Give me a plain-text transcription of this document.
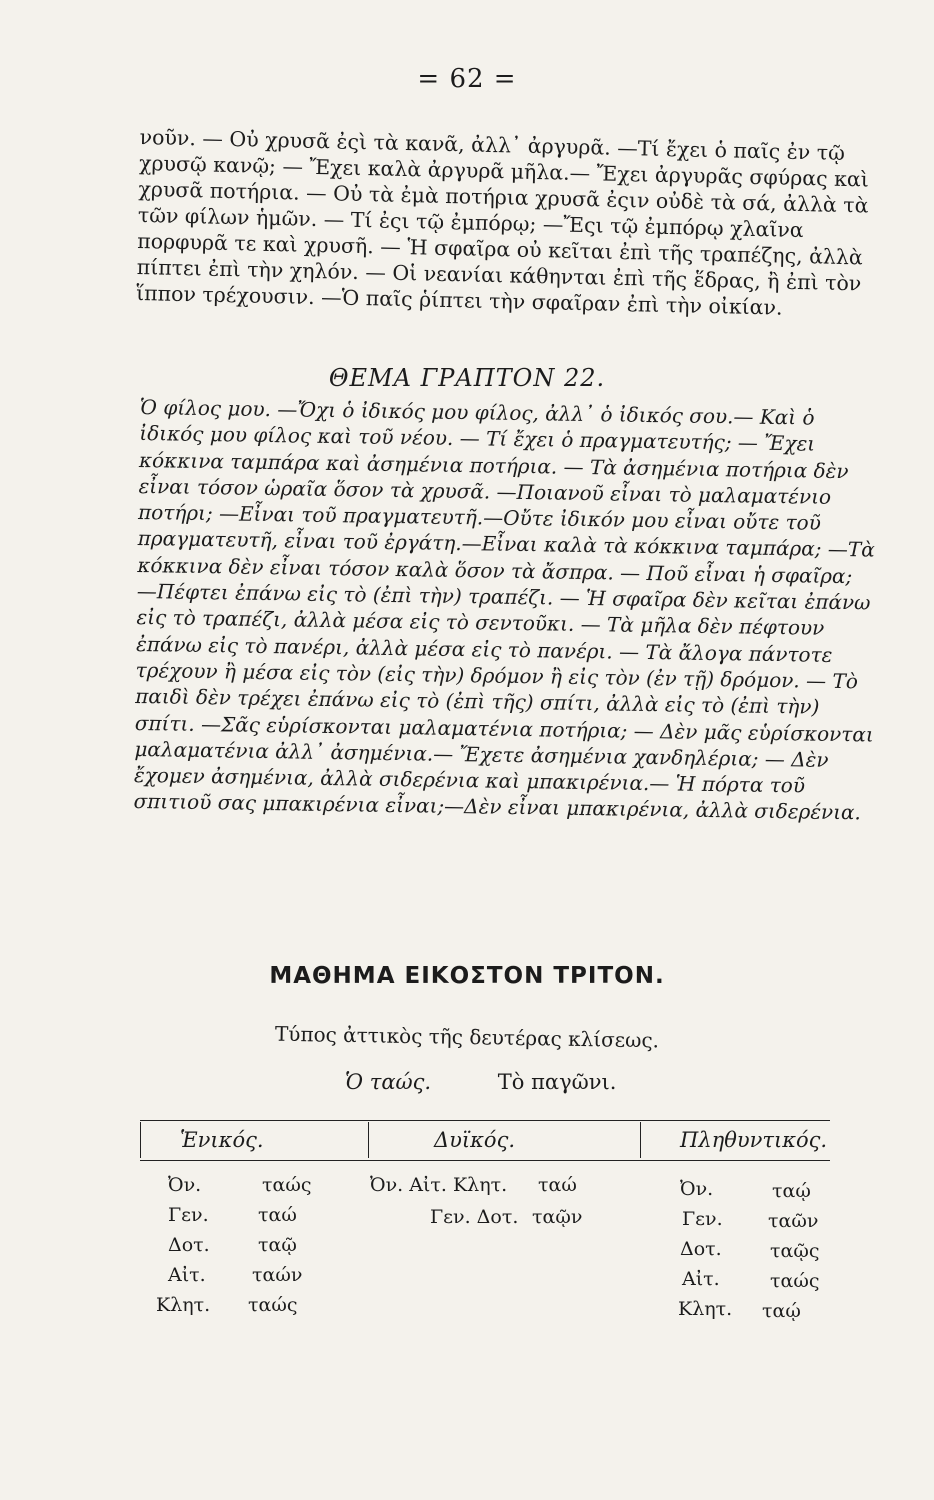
= 62 =

νοῦν. — Οὐ χρυσᾶ ἐςὶ τὰ κανᾶ, ἀλλ᾽ ἀργυρᾶ. —Τί ἔχει ὁ παῖς ἐν τῷ χρυσῷ κανῷ; — Ἔχει καλὰ ἀργυρᾶ μῆλα.— Ἔχει ἀργυρᾶς σφύρας καὶ χρυσᾶ ποτήρια. — Οὐ τὰ ἐμὰ ποτήρια χρυσᾶ ἐςιν οὐδὲ τὰ σά, ἀλλὰ τὰ τῶν φίλων ἡμῶν. — Τί ἐςι τῷ ἐμπόρῳ; —Ἔςι τῷ ἐμπόρῳ χλαῖνα πορφυρᾶ τε καὶ χρυσῆ. — Ἡ σφαῖρα οὐ κεῖται ἐπὶ τῆς τραπέζης, ἀλλὰ πίπτει ἐπὶ τὴν χηλόν. — Οἱ νεανίαι κάθηνται ἐπὶ τῆς ἕδρας, ἢ ἐπὶ τὸν ἵππον τρέχουσιν. —Ὁ παῖς ῥίπτει τὴν σφαῖραν ἐπὶ τὴν οἰκίαν.

ΘΕΜΑ ΓΡΑΠΤΟΝ 22.

Ὁ φίλος μου. —Ὄχι ὁ ἰδικός μου φίλος, ἀλλ᾽ ὁ ἰδικός σου.— Καὶ ὁ ἰδικός μου φίλος καὶ τοῦ νέου. — Τί ἔχει ὁ πραγματευτής; — Ἔχει κόκκινα ταμπάρα καὶ ἀσημένια ποτήρια. — Τὰ ἀσημένια ποτήρια δὲν εἶναι τόσον ὡραῖα ὅσον τὰ χρυσᾶ. —Ποιανοῦ εἶναι τὸ μαλαματένιο ποτήρι; —Εἶναι τοῦ πραγματευτῆ.—Οὔτε ἰδικόν μου εἶναι οὔτε τοῦ πραγματευτῆ, εἶναι τοῦ ἐργάτη.—Εἶναι καλὰ τὰ κόκκινα ταμπάρα; —Τὰ κόκκινα δὲν εἶναι τόσον καλὰ ὅσον τὰ ἄσπρα. — Ποῦ εἶναι ἡ σφαῖρα; —Πέφτει ἐπάνω εἰς τὸ (ἐπὶ τὴν) τραπέζι. — Ἡ σφαῖρα δὲν κεῖται ἐπάνω εἰς τὸ τραπέζι, ἀλλὰ μέσα εἰς τὸ σεντοῦκι. — Τὰ μῆλα δὲν πέφτουν ἐπάνω εἰς τὸ πανέρι, ἀλλὰ μέσα εἰς τὸ πανέρι. — Τὰ ἄλογα πάντοτε τρέχουν ἢ μέσα εἰς τὸν (εἰς τὴν) δρόμον ἢ εἰς τὸν (ἐν τῇ) δρόμον. — Τὸ παιδὶ δὲν τρέχει ἐπάνω εἰς τὸ (ἐπὶ τῆς) σπίτι, ἀλλὰ εἰς τὸ (ἐπὶ τὴν) σπίτι. —Σᾶς εὑρίσκονται μαλαματένια ποτήρια; — Δὲν μᾶς εὑρίσκονται μαλαματένια ἀλλ᾽ ἀσημένια.— Ἔχετε ἀσημένια χανδηλέρια; — Δὲν ἔχομεν ἀσημένια, ἀλλὰ σιδερένια καὶ μπακιρένια.— Ἡ πόρτα τοῦ σπιτιοῦ σας μπακιρένια εἶναι;—Δὲν εἶναι μπακιρένια, ἀλλὰ σιδερένια.

ΜΑΘΗΜΑ ΕΙΚΟΣΤΟΝ ΤΡΙΤΟΝ.
Τύπος ἀττικὸς τῆς δευτέρας κλίσεως.
Ὁ ταώς.	Τὸ παγῶνι.
Ἑνικός.	Δυϊκός.	Πληθυντικός.
Ὀν.	ταώς
Γεν.	ταώ
Δοτ.	ταῷ
Αἰτ. ταών
Κλητ. ταώς
Ὀν. Αἰτ. Κλητ. ταώ
Γεν. Δοτ. ταῷν
Ὀν.	ταῴ
Γεν. ταῶν
Δοτ.	ταῷς
Αἰτ.	ταώς
Κλητ. ταῴ
